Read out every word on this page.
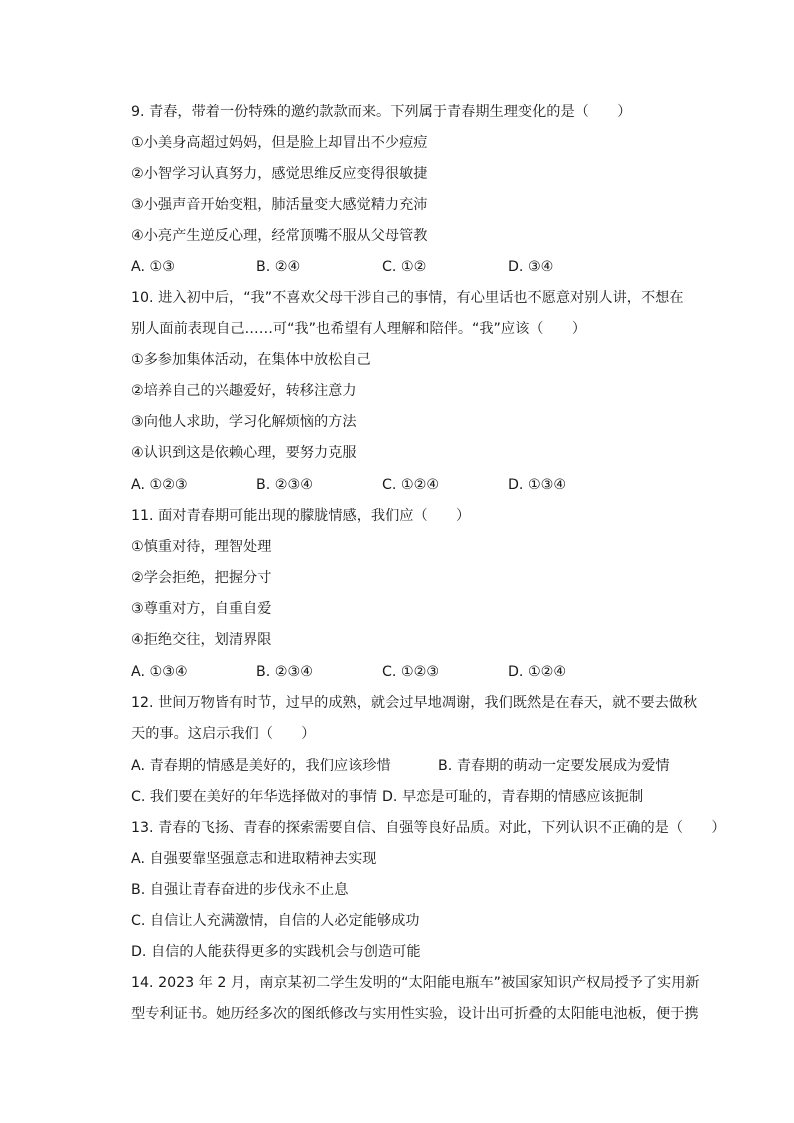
9. 青春，带着一份特殊的邀约款款而来。下列属于青春期生理变化的是（　　）
①小美身高超过妈妈，但是脸上却冒出不少痘痘
②小智学习认真努力，感觉思维反应变得很敏捷
③小强声音开始变粗，肺活量变大感觉精力充沛
④小亮产生逆反心理，经常顶嘴不服从父母管教
A. ①③	B. ②④	C. ①②	D. ③④
10. 进入初中后，“我”不喜欢父母干涉自己的事情，有心里话也不愿意对别人讲，不想在
别人面前表现自己……可“我”也希望有人理解和陪伴。“我”应该（　　）
①多参加集体活动，在集体中放松自己
②培养自己的兴趣爱好，转移注意力
③向他人求助，学习化解烦恼的方法
④认识到这是依赖心理，要努力克服
A. ①②③	B. ②③④	C. ①②④	D. ①③④
11. 面对青春期可能出现的朦胧情感，我们应（　　）
①慎重对待，理智处理
②学会拒绝，把握分寸
③尊重对方，自重自爱
④拒绝交往，划清界限
A. ①③④	B. ②③④	C. ①②③	D. ①②④
12. 世间万物皆有时节，过早的成熟，就会过早地凋谢，我们既然是在春天，就不要去做秋
天的事。这启示我们（　　）
A. 青春期的情感是美好的，我们应该珍惜	B. 青春期的萌动一定要发展成为爱情
C. 我们要在美好的年华选择做对的事情 D. 早恋是可耻的，青春期的情感应该扼制
13. 青春的飞扬、青春的探索需要自信、自强等良好品质。对此，下列认识不正确的是（　　）
A. 自强要靠坚强意志和进取精神去实现
B. 自强让青春奋进的步伐永不止息
C. 自信让人充满激情，自信的人必定能够成功
D. 自信的人能获得更多的实践机会与创造可能
14. 2023 年 2 月，南京某初二学生发明的“太阳能电瓶车”被国家知识产权局授予了实用新
型专利证书。她历经多次的图纸修改与实用性实验，设计出可折叠的太阳能电池板，便于携
